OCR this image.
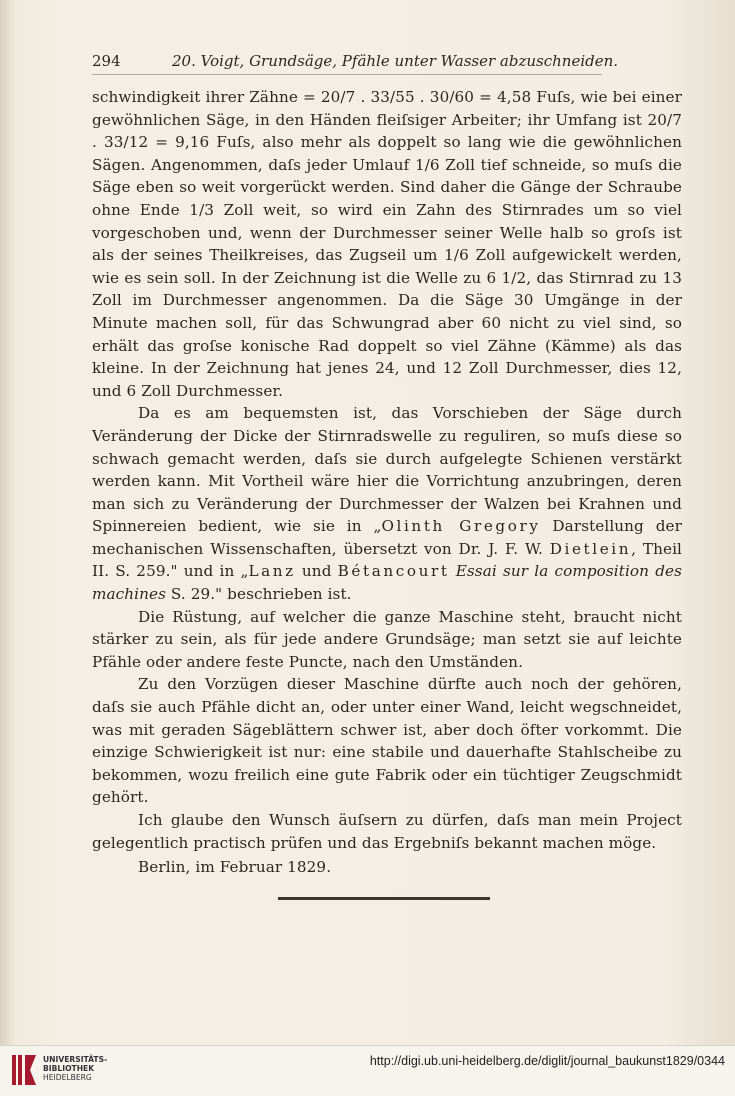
294	20. Voigt, Grundsäge, Pfähle unter Wasser abzuschneiden.

schwindigkeit ihrer Zähne = 20/7 . 33/55 . 30/60 = 4,58 Fuſs, wie bei einer gewöhnlichen Säge, in den Händen fleiſsiger Arbeiter; ihr Umfang ist 20/7 . 33/12 = 9,16 Fuſs, also mehr als doppelt so lang wie die gewöhnlichen Sägen. Angenommen, daſs jeder Umlauf 1/6 Zoll tief schneide, so muſs die Säge eben so weit vorgerückt werden. Sind daher die Gänge der Schraube ohne Ende 1/3 Zoll weit, so wird ein Zahn des Stirnrades um so viel vorgeschoben und, wenn der Durchmesser seiner Welle halb so groſs ist als der seines Theilkreises, das Zugseil um 1/6 Zoll aufgewickelt werden, wie es sein soll. In der Zeichnung ist die Welle zu 6 1/2, das Stirnrad zu 13 Zoll im Durchmesser angenommen. Da die Säge 30 Umgänge in der Minute machen soll, für das Schwungrad aber 60 nicht zu viel sind, so erhält das groſse konische Rad doppelt so viel Zähne (Kämme) als das kleine. In der Zeichnung hat jenes 24, und 12 Zoll Durchmesser, dies 12, und 6 Zoll Durchmesser.

Da es am bequemsten ist, das Vorschieben der Säge durch Veränderung der Dicke der Stirnradswelle zu reguliren, so muſs diese so schwach gemacht werden, daſs sie durch aufgelegte Schienen verstärkt werden kann. Mit Vortheil wäre hier die Vorrichtung anzubringen, deren man sich zu Veränderung der Durchmesser der Walzen bei Krahnen und Spinnereien bedient, wie sie in „Olinth Gregory Darstellung der mechanischen Wissenschaften, übersetzt von Dr. J. F. W. Dietlein, Theil II. S. 259." und in „Lanz und Bétancourt Essai sur la composition des machines S. 29." beschrieben ist.

Die Rüstung, auf welcher die ganze Maschine steht, braucht nicht stärker zu sein, als für jede andere Grundsäge; man setzt sie auf leichte Pfähle oder andere feste Puncte, nach den Umständen.

Zu den Vorzügen dieser Maschine dürfte auch noch der gehören, daſs sie auch Pfähle dicht an, oder unter einer Wand, leicht wegschneidet, was mit geraden Sägeblättern schwer ist, aber doch öfter vorkommt. Die einzige Schwierigkeit ist nur: eine stabile und dauerhafte Stahlscheibe zu bekommen, wozu freilich eine gute Fabrik oder ein tüchtiger Zeugschmidt gehört.

Ich glaube den Wunsch äuſsern zu dürfen, daſs man mein Project gelegentlich practisch prüfen und das Ergebniſs bekannt machen möge.

Berlin, im Februar 1829.

UNIVERSITÄTS-
BIBLIOTHEK
HEIDELBERG
http://digi.ub.uni-heidelberg.de/diglit/journal_baukunst1829/0344
